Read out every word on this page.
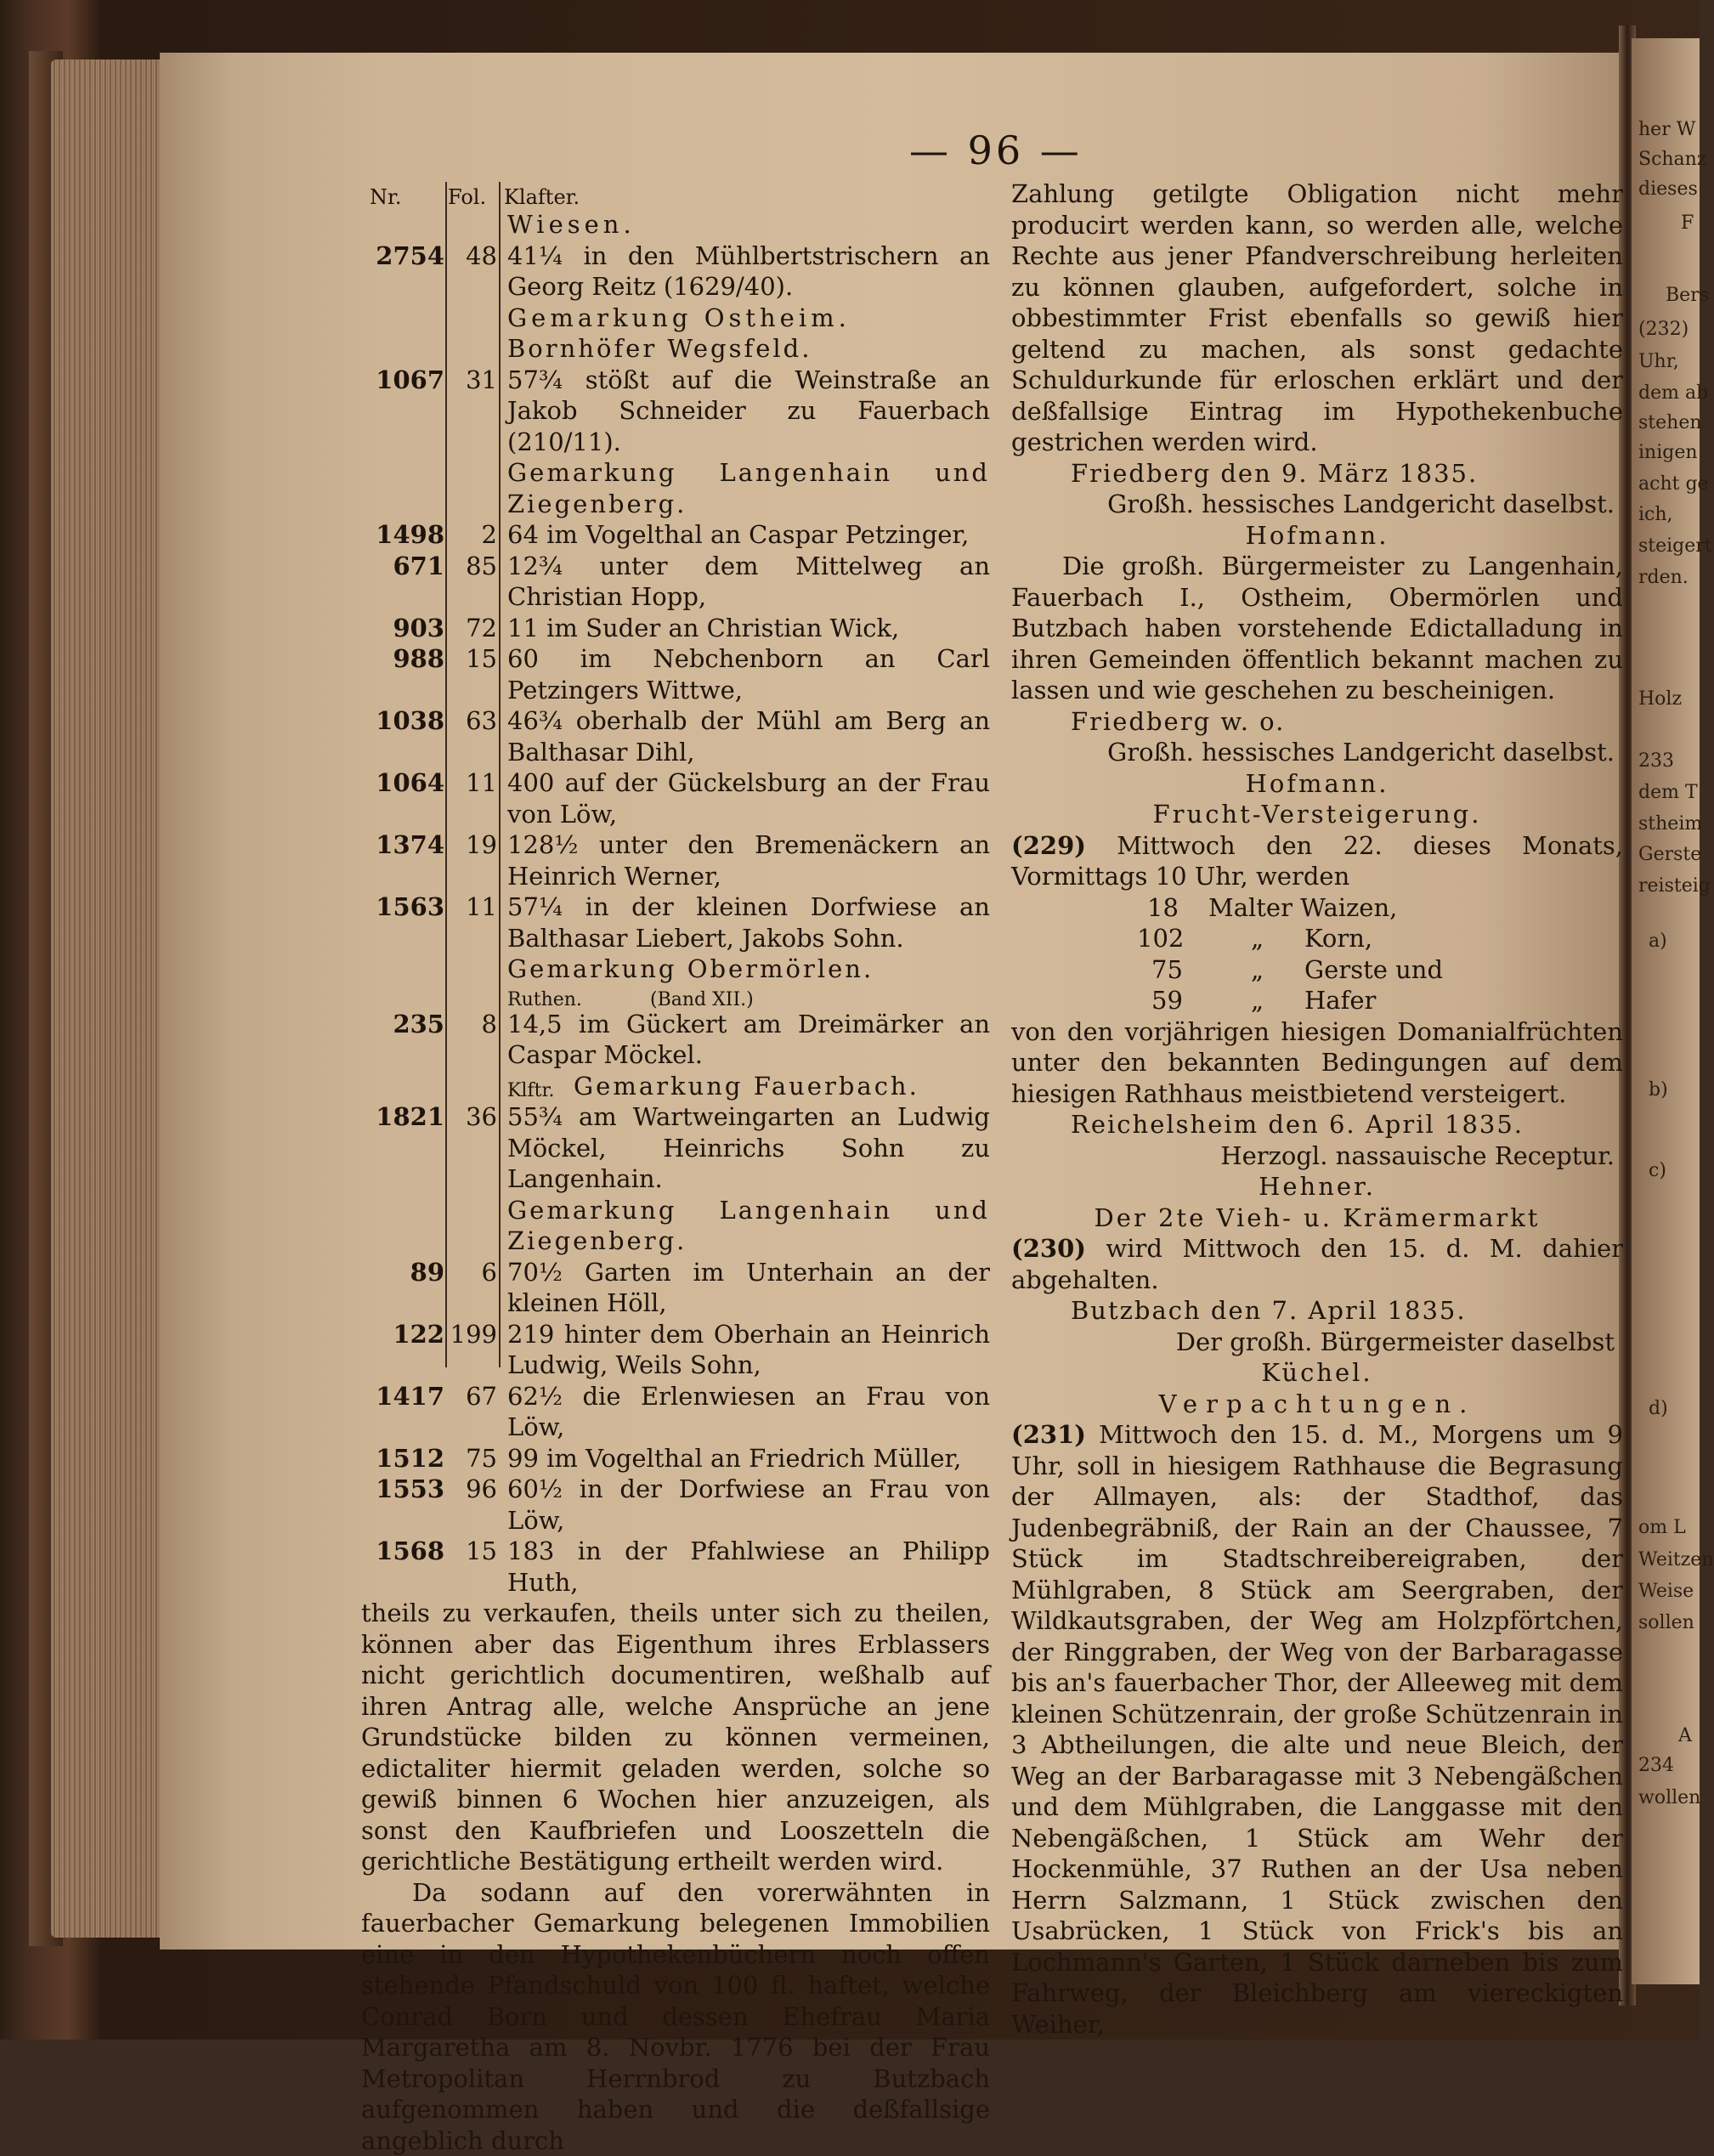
her W
Schanz
dieses
F
Bers
(232)
Uhr,
dem ab
stehen
inigen
acht ge
ich,
steigert
rden.
Holz
233
dem T
stheim
Gerste
reisteig
a)
b)
c)
d)
om L
Weitzen
Weise
sollen
A
234
wollen
— 96 —
Nr. Fol. Klafter.
Wiesen.
2754 48 41¼ in den Mühlbertstrischern an Georg Reitz (1629/40).
Gemarkung Ostheim.
Bornhöfer Wegsfeld.
1067 31 57¾ stößt auf die Weinstraße an Jakob Schneider zu Fauerbach (210/11).
Gemarkung Langenhain und Ziegenberg.
1498	2 64 im Vogelthal an Caspar Petzinger,
671 85 12¾ unter dem Mittelweg an Christian Hopp,
903 72 11 im Suder an Christian Wick,
988 15 60 im Nebchenborn an Carl Petzingers Wittwe,
1038 63 46¾ oberhalb der Mühl am Berg an Balthasar Dihl,
1064 11 400 auf der Gückelsburg an der Frau von Löw,
1374 19 128½ unter den Bremenäckern an Heinrich Werner,
1563 11 57¼ in der kleinen Dorfwiese an Balthasar Liebert, Jakobs Sohn.
Gemarkung Obermörlen.
Ruthen.	(Band XII.)
235	8 14,5 im Gückert am Dreimärker an Caspar Möckel.
Klftr. Gemarkung Fauerbach.
1821 36 55¾ am Wartweingarten an Ludwig Möckel, Heinrichs Sohn zu Langenhain.
Gemarkung Langenhain und Ziegenberg.
89	6 70½ Garten im Unterhain an der kleinen Höll,
122 199 219 hinter dem Oberhain an Heinrich Ludwig, Weils Sohn,
1417 67 62½ die Erlenwiesen an Frau von Löw,
1512 75 99 im Vogelthal an Friedrich Müller,
1553 96 60½ in der Dorfwiese an Frau von Löw,
1568 15 183 in der Pfahlwiese an Philipp Huth,
theils zu verkaufen, theils unter sich zu theilen, können aber das Eigenthum ihres Erblassers nicht gerichtlich documentiren, weßhalb auf ihren Antrag alle, welche Ansprüche an jene Grundstücke bilden zu können vermeinen, edictaliter hiermit geladen werden, solche so gewiß binnen 6 Wochen hier anzuzeigen, als sonst den Kaufbriefen und Looszetteln die gerichtliche Bestätigung ertheilt werden wird.
Da sodann auf den vorerwähnten in fauerbacher Gemarkung belegenen Immobilien eine in den Hypothekenbüchern noch offen stehende Pfandschuld von 100 fl. haftet, welche Conrad Born und dessen Ehefrau Maria Margaretha am 8. Novbr. 1776 bei der Frau Metropolitan Herrnbrod zu Butzbach aufgenommen haben und die deßfallsige angeblich durch
Zahlung getilgte Obligation nicht mehr producirt werden kann, so werden alle, welche Rechte aus jener Pfandverschreibung herleiten zu können glauben, aufgefordert, solche in obbestimmter Frist ebenfalls so gewiß hier geltend zu machen, als sonst gedachte Schuldurkunde für erloschen erklärt und der deßfallsige Eintrag im Hypothekenbuche gestrichen werden wird.
Friedberg den 9. März 1835.
Großh. hessisches Landgericht daselbst.
Hofmann.
Die großh. Bürgermeister zu Langenhain, Fauerbach I., Ostheim, Obermörlen und Butzbach haben vorstehende Edictalladung in ihren Gemeinden öffentlich bekannt machen zu lassen und wie geschehen zu bescheinigen.
Friedberg w. o.
Großh. hessisches Landgericht daselbst.
Hofmann.
Frucht-Versteigerung.
(229) Mittwoch den 22. dieses Monats, Vormittags 10 Uhr, werden
18 Malter Waizen,
102	„ Korn,
75	„ Gerste und
59	„ Hafer
von den vorjährigen hiesigen Domanialfrüchten unter den bekannten Bedingungen auf dem hiesigen Rathhaus meistbietend versteigert.
Reichelsheim den 6. April 1835.
Herzogl. nassauische Receptur.
Hehner.
Der 2te Vieh- u. Krämermarkt
(230) wird Mittwoch den 15. d. M. dahier abgehalten.
Butzbach den 7. April 1835.
Der großh. Bürgermeister daselbst
Küchel.
Verpachtungen.
(231) Mittwoch den 15. d. M., Morgens um 9 Uhr, soll in hiesigem Rathhause die Begrasung der Allmayen, als: der Stadthof, das Judenbegräbniß, der Rain an der Chaussee, 7 Stück im Stadtschreibereigraben, der Mühlgraben, 8 Stück am Seergraben, der Wildkautsgraben, der Weg am Holzpförtchen, der Ringgraben, der Weg von der Barbaragasse bis an's fauerbacher Thor, der Alleeweg mit dem kleinen Schützenrain, der große Schützenrain in 3 Abtheilungen, die alte und neue Bleich, der Weg an der Barbaragasse mit 3 Nebengäßchen und dem Mühlgraben, die Langgasse mit den Nebengäßchen, 1 Stück am Wehr der Hockenmühle, 37 Ruthen an der Usa neben Herrn Salzmann, 1 Stück zwischen den Usabrücken, 1 Stück von Frick's bis an Lochmann's Garten, 1 Stück darneben bis zum Fahrweg, der Bleichberg am viereckigten Weiher,
